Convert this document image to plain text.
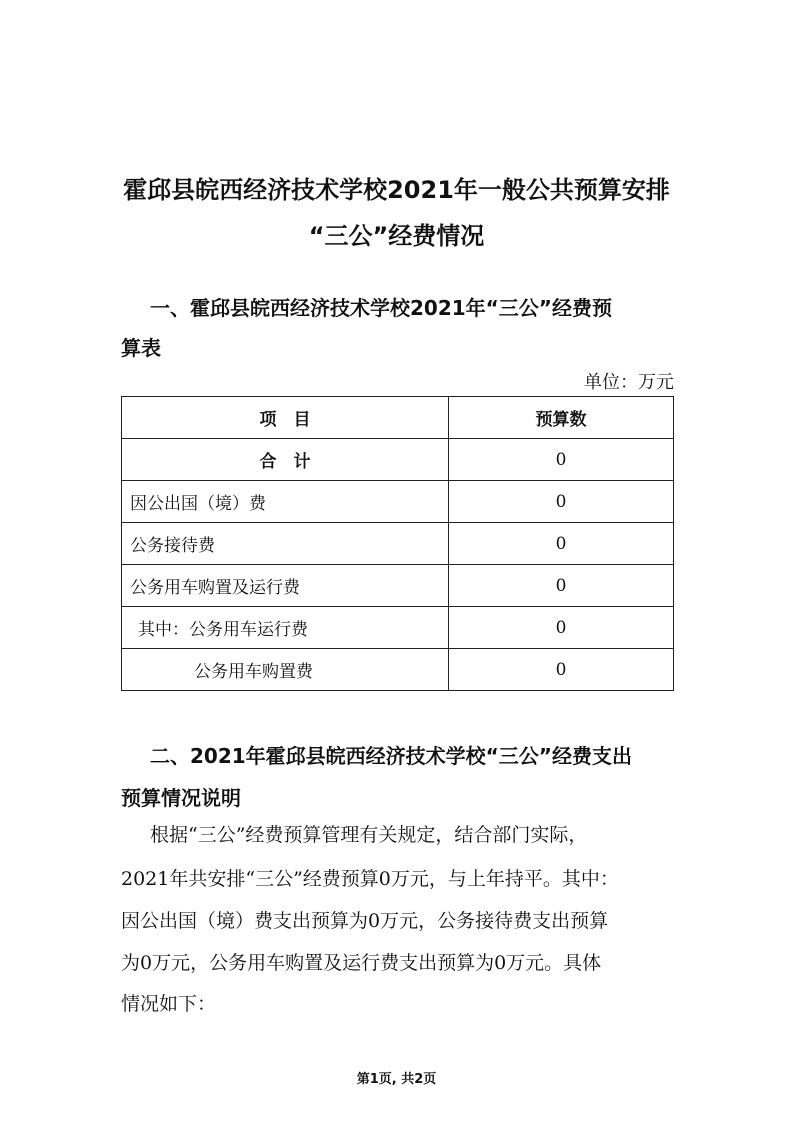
霍邱县皖西经济技术学校2021年一般公共预算安排
“三公”经费情况
一、霍邱县皖西经济技术学校2021年“三公”经费预
算表
单位：万元
项　目	预算数
合　计	0
因公出国（境）费	0
公务接待费	0
公务用车购置及运行费	0
其中：公务用车运行费	0
公务用车购置费	0
二、2021年霍邱县皖西经济技术学校“三公”经费支出
预算情况说明
根据“三公”经费预算管理有关规定，结合部门实际，
2021年共安排“三公”经费预算0万元，与上年持平。其中：
因公出国（境）费支出预算为0万元，公务接待费支出预算
为0万元，公务用车购置及运行费支出预算为0万元。具体
情况如下：
第1页, 共2页
